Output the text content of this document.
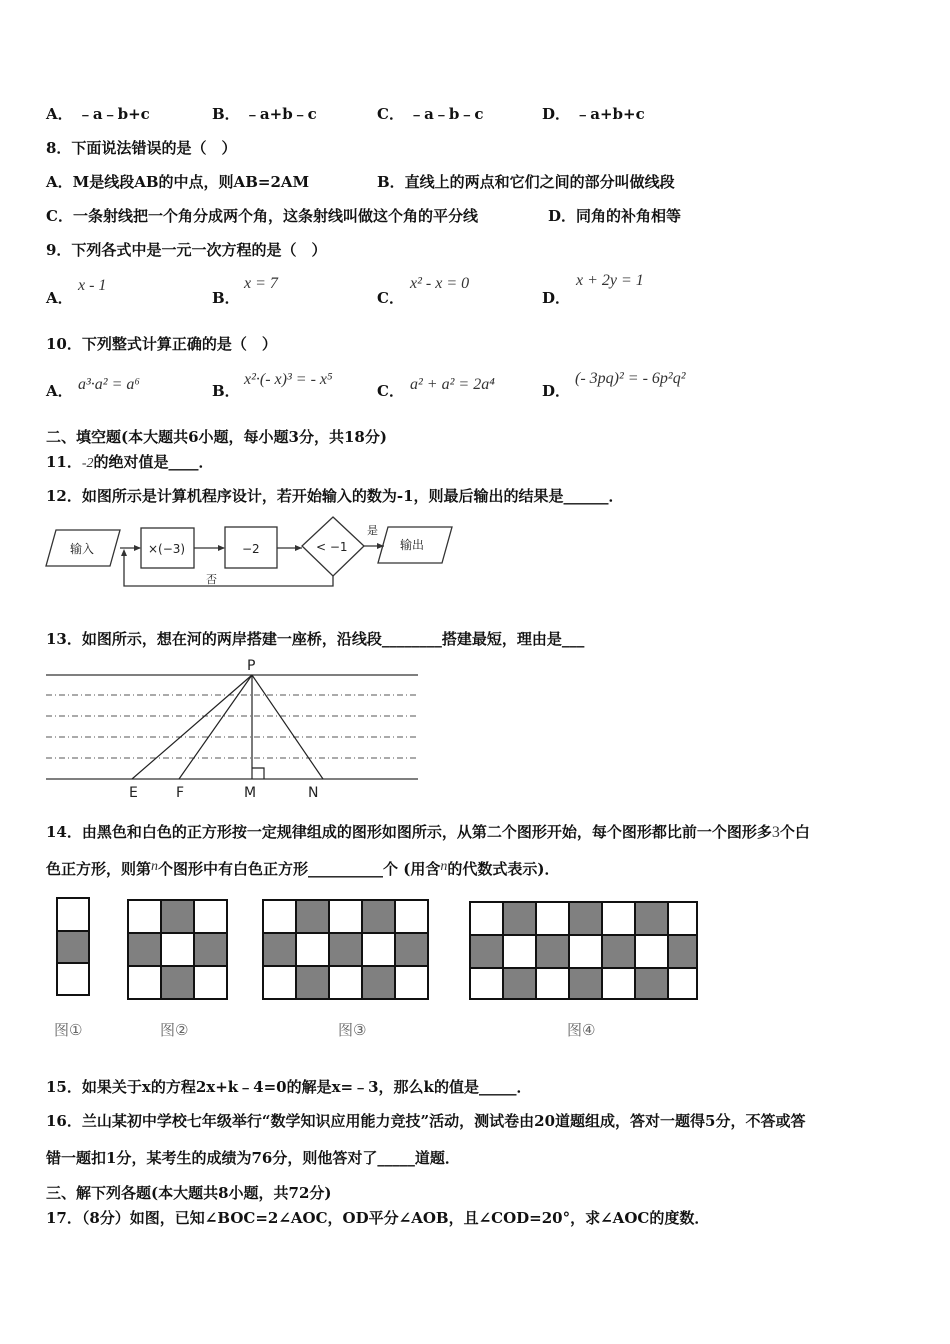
A． ﹣a﹣b+c	B． ﹣a+b﹣c	C． ﹣a﹣b﹣c	D． ﹣a+b+c
8．下面说法错误的是（　）
A．M是线段AB的中点，则AB=2AM	B．直线上的两点和它们之间的部分叫做线段
C．一条射线把一个角分成两个角，这条射线叫做这个角的平分线	D．同角的补角相等
9．下列各式中是一元一次方程的是（　）
A．
x - 1
B．
x = 7
C．
x² - x = 0
D．
x + 2y = 1
10．下列整式计算正确的是（　）
A． a³·a² = a⁶	B．
x²·(- x)³ = - x⁵
C． a² + a² = 2a⁴	D．
(- 3pq)² = - 6p²q²
二、填空题(本大题共6小题，每小题3分，共18分)
11．-2的绝对值是____．
12．如图所示是计算机程序设计，若开始输入的数为-1，则最后输出的结果是______．
输入	×(−3)	−2	< −1
是
否
输出
13．如图所示，想在河的两岸搭建一座桥，沿线段________搭建最短，理由是___
P
E	F	M	N
14．由黑色和白色的正方形按一定规律组成的图形如图所示，从第二个图形开始，每个图形都比前一个图形多3个白
色正方形，则第n个图形中有白色正方形__________个 (用含n的代数式表示)．
图①	图②	图③	图④
15．如果关于x的方程2x+k﹣4=0的解是x=﹣3，那么k的值是_____．
16．兰山某初中学校七年级举行“数学知识应用能力竞技”活动，测试卷由20道题组成，答对一题得5分，不答或答
错一题扣1分，某考生的成绩为76分，则他答对了_____道题．
三、解下列各题(本大题共8小题，共72分)
17．（8分）如图，已知∠BOC=2∠AOC，OD平分∠AOB，且∠COD=20°，求∠AOC的度数．
